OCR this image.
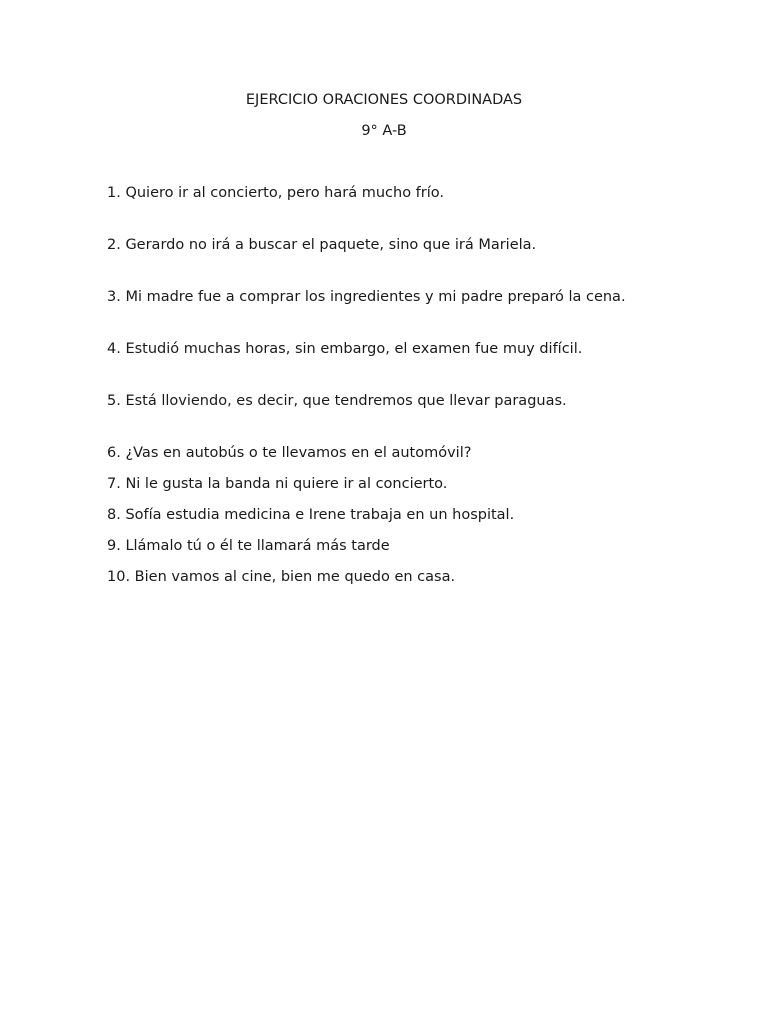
EJERCICIO ORACIONES COORDINADAS

9° A-B

1. Quiero ir al concierto, pero hará mucho frío.

2. Gerardo no irá a buscar el paquete, sino que irá Mariela.

3. Mi madre fue a comprar los ingredientes y mi padre preparó la cena.

4. Estudió muchas horas, sin embargo, el examen fue muy difícil.

5. Está lloviendo, es decir, que tendremos que llevar paraguas.

6. ¿Vas en autobús o te llevamos en el automóvil?

7. Ni le gusta la banda ni quiere ir al concierto.

8. Sofía estudia medicina e Irene trabaja en un hospital.

9. Llámalo tú o él te llamará más tarde

10. Bien vamos al cine, bien me quedo en casa.
